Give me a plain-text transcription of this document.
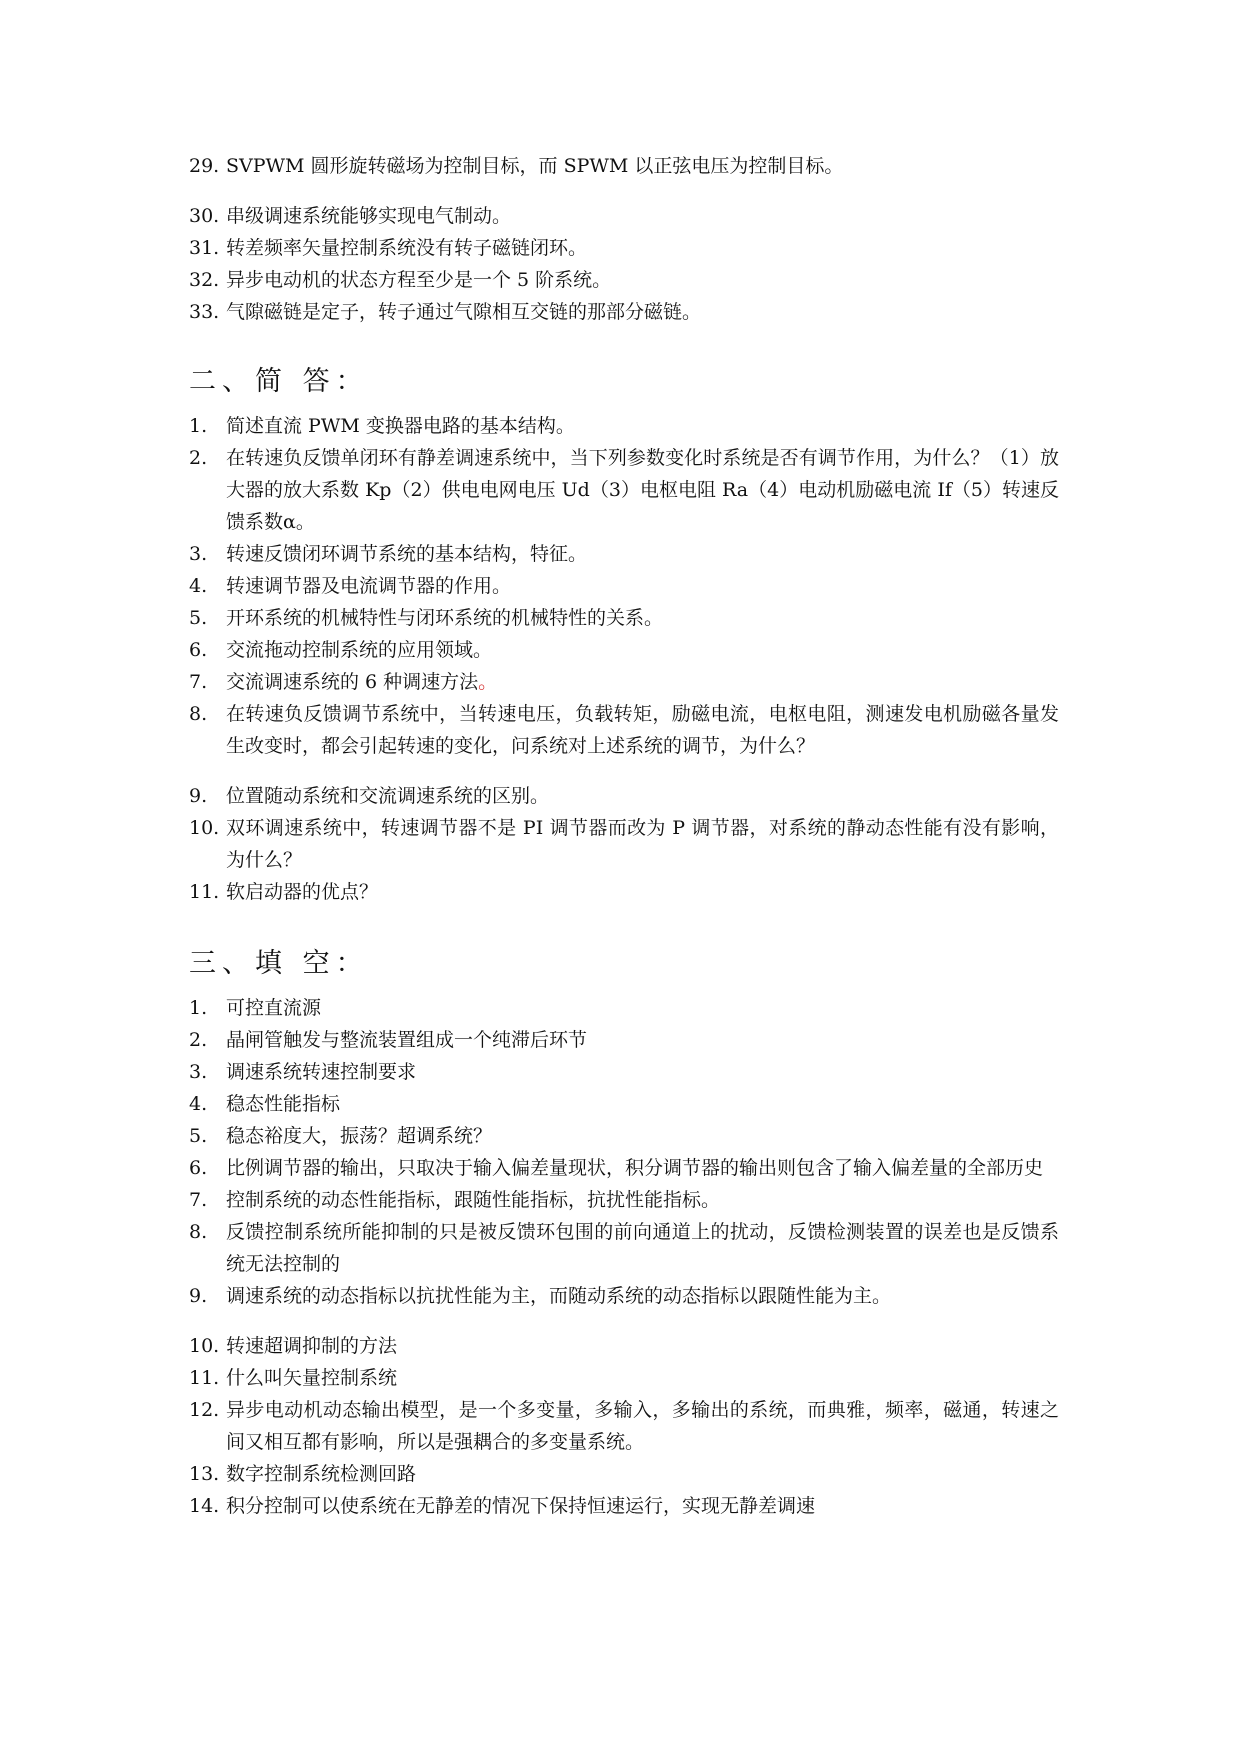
29. SVPWM 圆形旋转磁场为控制目标，而 SPWM 以正弦电压为控制目标。
30. 串级调速系统能够实现电气制动。
31. 转差频率矢量控制系统没有转子磁链闭环。
32. 异步电动机的状态方程至少是一个 5 阶系统。
33. 气隙磁链是定子，转子通过气隙相互交链的那部分磁链。
二、简 答：
1. 简述直流 PWM 变换器电路的基本结构。
2. 在转速负反馈单闭环有静差调速系统中，当下列参数变化时系统是否有调节作用，为什么？（1）放大器的放大系数 Kp（2）供电电网电压 Ud（3）电枢电阻 Ra（4）电动机励磁电流 If（5）转速反馈系数α。
3. 转速反馈闭环调节系统的基本结构，特征。
4. 转速调节器及电流调节器的作用。
5. 开环系统的机械特性与闭环系统的机械特性的关系。
6. 交流拖动控制系统的应用领域。
7. 交流调速系统的 6 种调速方法。
8. 在转速负反馈调节系统中，当转速电压，负载转矩，励磁电流，电枢电阻，测速发电机励磁各量发生改变时，都会引起转速的变化，问系统对上述系统的调节，为什么？
9. 位置随动系统和交流调速系统的区别。
10. 双环调速系统中，转速调节器不是 PI 调节器而改为 P 调节器，对系统的静动态性能有没有影响，为什么？
11. 软启动器的优点？
三、填 空：
1. 可控直流源
2. 晶闸管触发与整流装置组成一个纯滞后环节
3. 调速系统转速控制要求
4. 稳态性能指标
5. 稳态裕度大，振荡？超调系统？
6. 比例调节器的输出，只取决于输入偏差量现状，积分调节器的输出则包含了输入偏差量的全部历史
7. 控制系统的动态性能指标，跟随性能指标，抗扰性能指标。
8. 反馈控制系统所能抑制的只是被反馈环包围的前向通道上的扰动，反馈检测装置的误差也是反馈系统无法控制的
9. 调速系统的动态指标以抗扰性能为主，而随动系统的动态指标以跟随性能为主。
10. 转速超调抑制的方法
11. 什么叫矢量控制系统
12. 异步电动机动态输出模型，是一个多变量，多输入，多输出的系统，而典雅，频率，磁通，转速之间又相互都有影响，所以是强耦合的多变量系统。
13. 数字控制系统检测回路
14. 积分控制可以使系统在无静差的情况下保持恒速运行，实现无静差调速
